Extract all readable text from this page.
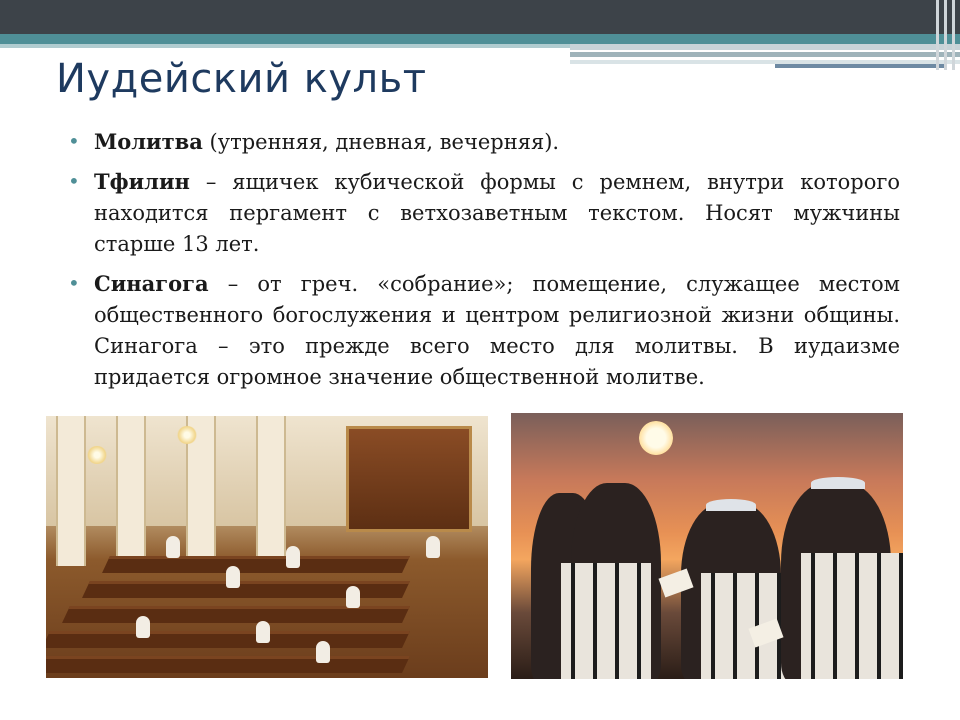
Иудейский культ
• Молитва (утренняя, дневная, вечерняя).
• Тфилин – ящичек кубической формы с ремнем, внутри которого находится пергамент с ветхозаветным текстом. Носят мужчины старше 13 лет.
• Синагога – от греч. «собрание»; помещение, служащее местом общественного богослужения и центром религиозной жизни общины. Синагога – это прежде всего место для молитвы. В иудаизме придается огромное значение общественной молитве.
